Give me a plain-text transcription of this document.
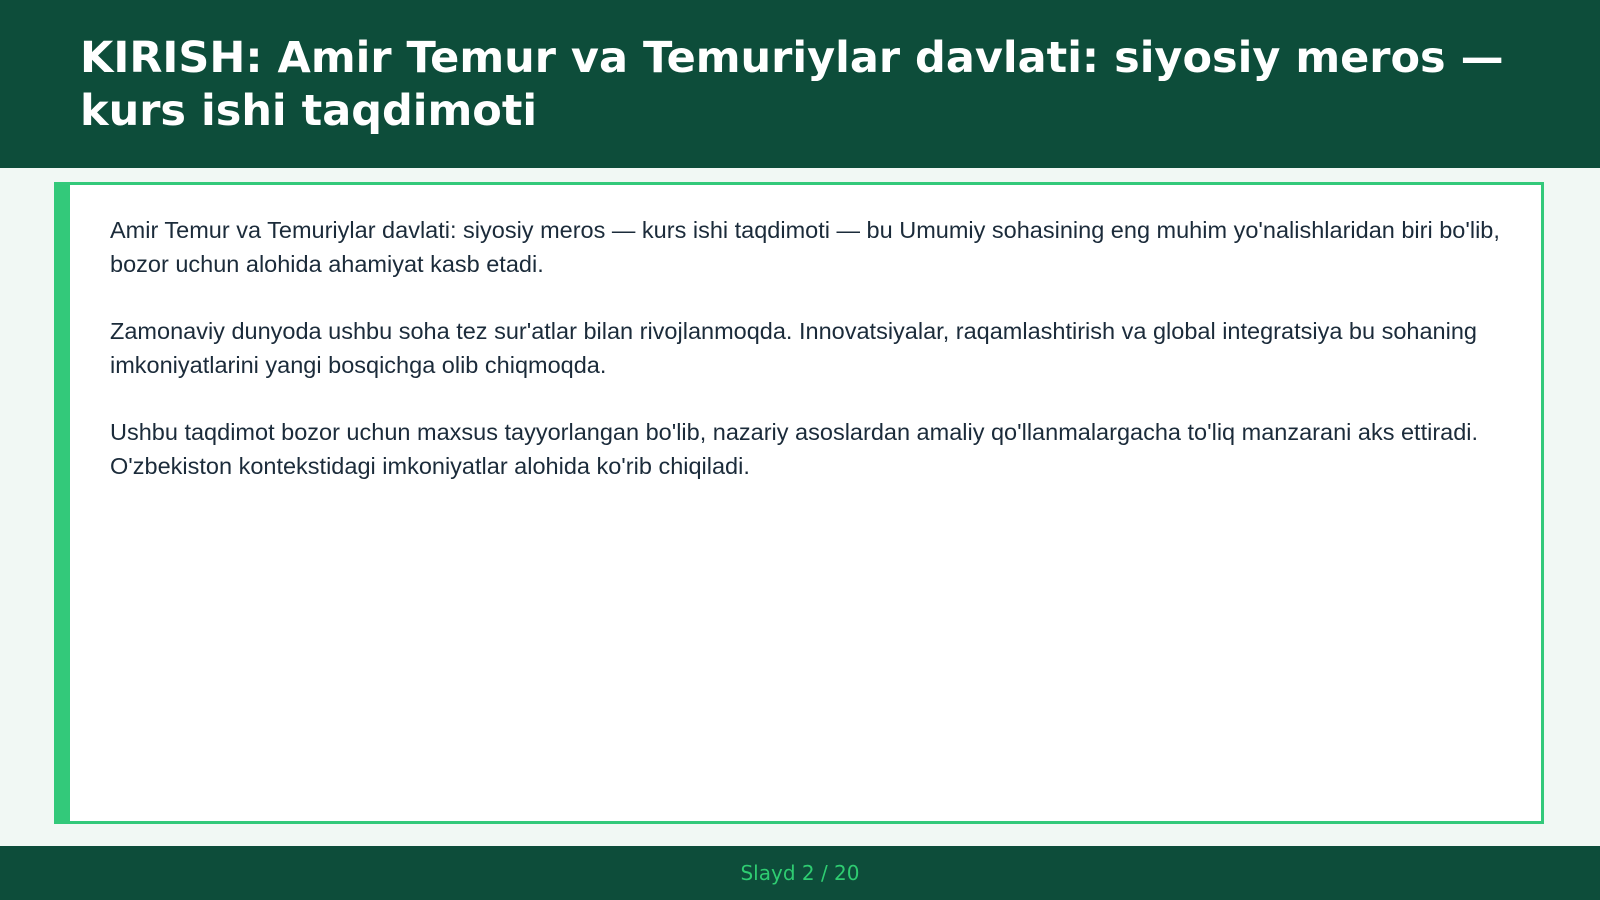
KIRISH: Amir Temur va Temuriylar davlati: siyosiy meros — kurs ishi taqdimoti

Amir Temur va Temuriylar davlati: siyosiy meros — kurs ishi taqdimoti — bu Umumiy sohasining eng muhim yo'nalishlaridan biri bo'lib, bozor uchun alohida ahamiyat kasb etadi.

Zamonaviy dunyoda ushbu soha tez sur'atlar bilan rivojlanmoqda. Innovatsiyalar, raqamlashtirish va global integratsiya bu sohaning imkoniyatlarini yangi bosqichga olib chiqmoqda.

Ushbu taqdimot bozor uchun maxsus tayyorlangan bo'lib, nazariy asoslardan amaliy qo'llanmalargacha to'liq manzarani aks ettiradi. O'zbekiston kontekstidagi imkoniyatlar alohida ko'rib chiqiladi.

Slayd 2 / 20
